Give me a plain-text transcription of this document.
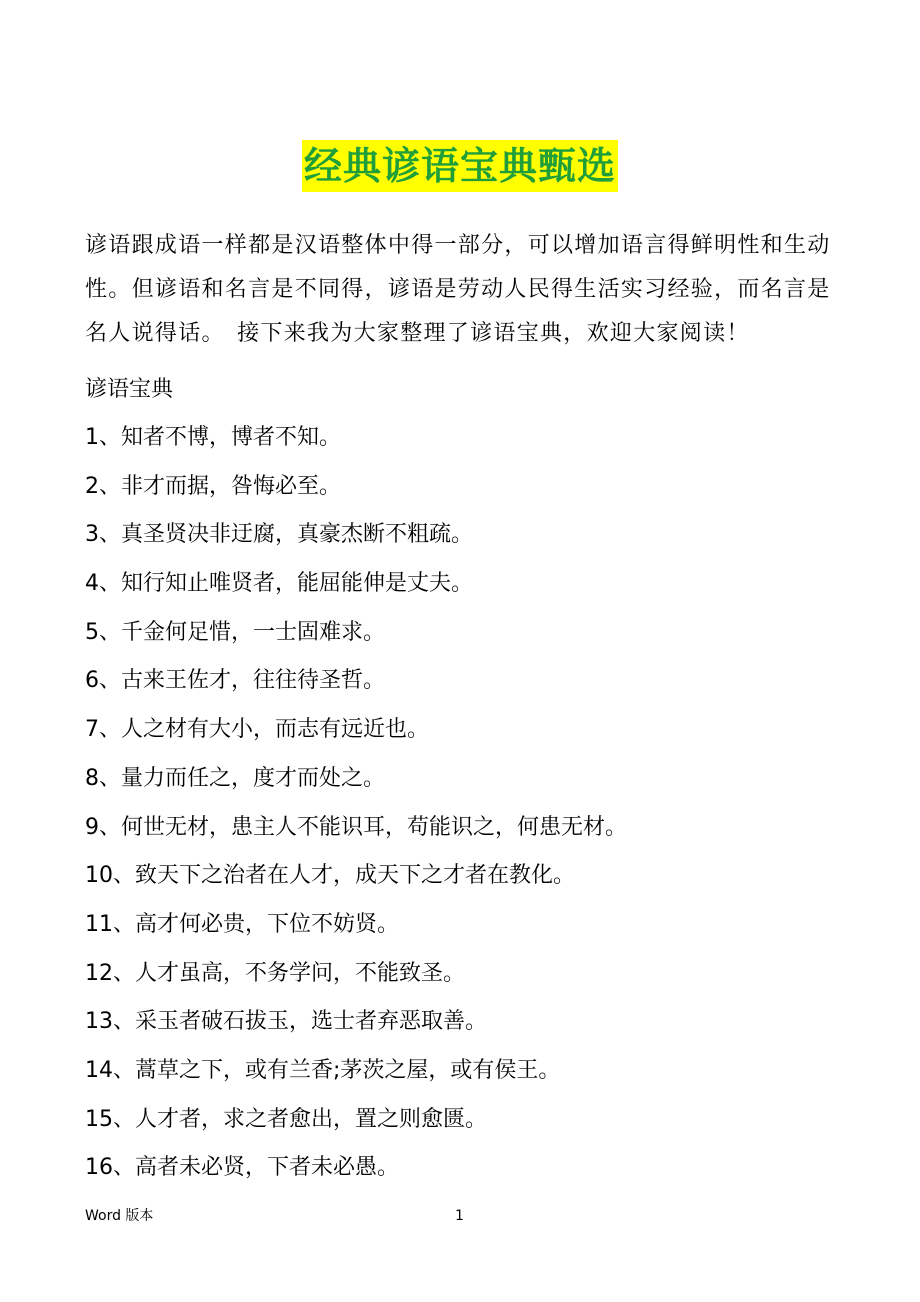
经典谚语宝典甄选

谚语跟成语一样都是汉语整体中得一部分，可以增加语言得鲜明性和生动性。但谚语和名言是不同得，谚语是劳动人民得生活实习经验，而名言是名人说得话。　接下来我为大家整理了谚语宝典，欢迎大家阅读！

谚语宝典

1、知者不博，博者不知。
2、非才而据，咎悔必至。
3、真圣贤决非迂腐，真豪杰断不粗疏。
4、知行知止唯贤者，能屈能伸是丈夫。
5、千金何足惜，一士固难求。
6、古来王佐才，往往待圣哲。
7、人之材有大小，而志有远近也。
8、量力而任之，度才而处之。
9、何世无材，患主人不能识耳，苟能识之，何患无材。
10、致天下之治者在人才，成天下之才者在教化。
11、高才何必贵，下位不妨贤。
12、人才虽高，不务学问，不能致圣。
13、采玉者破石拔玉，选士者弃恶取善。
14、蒿草之下，或有兰香;茅茨之屋，或有侯王。
15、人才者，求之者愈出，置之则愈匮。
16、高者未必贤，下者未必愚。
Word 版本	1
